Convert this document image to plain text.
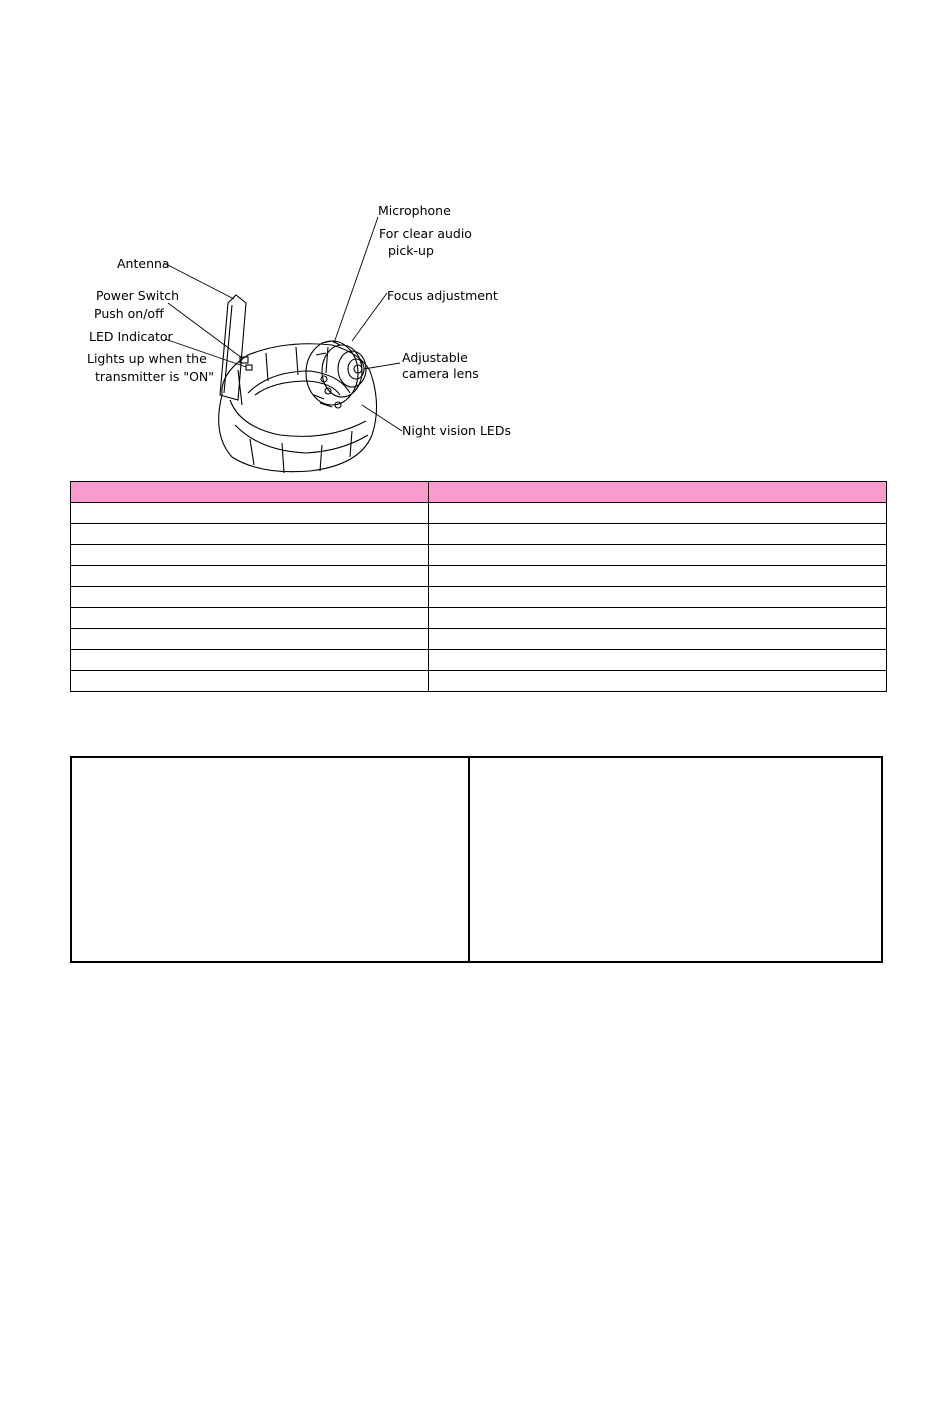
Antenna
Power Switch
Push on/off
LED Indicator
Lights up when the
transmitter is "ON"
Microphone
For clear audio
pick-up
Focus adjustment
Adjustable
camera lens
Night vision LEDs
